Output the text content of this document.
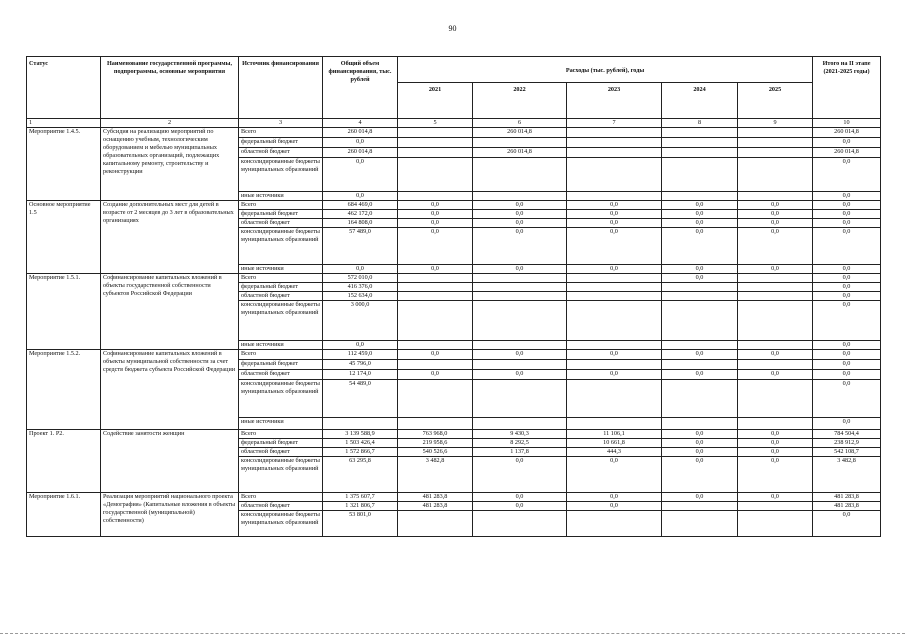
90
Статус	Наименование государственной программы, подпрограммы, основные мероприятия	Источник финансирования	Общий объем финансирования, тыс. рублей	Расходы (тыс. рублей), годы					Итого на II этапе (2021-2025 годы)
				2021	2022	2023	2024	2025	
1	2	3	4	5	6	7	8	9	10
Мероприятие 1.4.5.	Субсидия на реализацию мероприятий по оснащению учебным, технологическим оборудованием и мебелью муниципальных образовательных организаций, подлежащих капитальному ремонту, строительству и реконструкции	Всего	260 014,8		260 014,8				260 014,8
		федеральный бюджет	0,0						0,0
		областной бюджет	260 014,8		260 014,8				260 014,8
		консолидированные бюджеты муниципальных образований	0,0						0,0
		иные источники	0,0						0,0
Основное мероприятие 1.5	Создание дополнительных мест для детей в возрасте от 2 месяцев до 3 лет в образовательных организациях	Всего	684 469,0	0,0	0,0	0,0	0,0	0,0	0,0
		федеральный бюджет	462 172,0	0,0	0,0	0,0	0,0	0,0	0,0
		областной бюджет	164 808,0	0,0	0,0	0,0	0,0	0,0	0,0
		консолидированные бюджеты муниципальных образований	57 489,0	0,0	0,0	0,0	0,0	0,0	0,0
		иные источники	0,0	0,0	0,0	0,0	0,0	0,0	0,0
Мероприятие 1.5.1.	Софинансирование капитальных вложений в объекты государственной собственности субъектов Российской Федерации	Всего	572 010,0				0,0		0,0
		федеральный бюджет	416 376,0						0,0
		областной бюджет	152 634,0						0,0
		консолидированные бюджеты муниципальных образований	3 000,0						0,0
		иные источники	0,0						0,0
Мероприятие 1.5.2.	Софинансирование капитальных вложений в объекты муниципальной собственности за счет средств бюджета субъекта Российской Федерации	Всего	112 459,0	0,0	0,0	0,0	0,0	0,0	0,0
		федеральный бюджет	45 796,0						0,0
		областной бюджет	12 174,0	0,0	0,0	0,0	0,0	0,0	0,0
		консолидированные бюджеты муниципальных образований	54 489,0						0,0
		иные источники							0,0
Проект 1. Р2.	Содействие занятости женщин	Всего	3 139 588,9	763 968,0	9 430,3	11 106,1	0,0	0,0	784 504,4
		федеральный бюджет	1 503 426,4	219 958,6	8 292,5	10 661,8	0,0	0,0	238 912,9
		областной бюджет	1 572 866,7	540 526,6	1 137,8	444,3	0,0	0,0	542 108,7
		консолидированные бюджеты муниципальных образований	63 295,8	3 482,8	0,0	0,0	0,0	0,0	3 482,8
Мероприятие 1.6.1.	Реализация мероприятий национального проекта «Демография» (Капитальные вложения в объекты государственной (муниципальной) собственности)	Всего	1 375 607,7	481 283,8	0,0	0,0	0,0	0,0	481 283,8
		областной бюджет	1 321 806,7	481 283,8	0,0	0,0			481 283,8
		консолидированные бюджеты муниципальных образований	53 801,0						0,0
